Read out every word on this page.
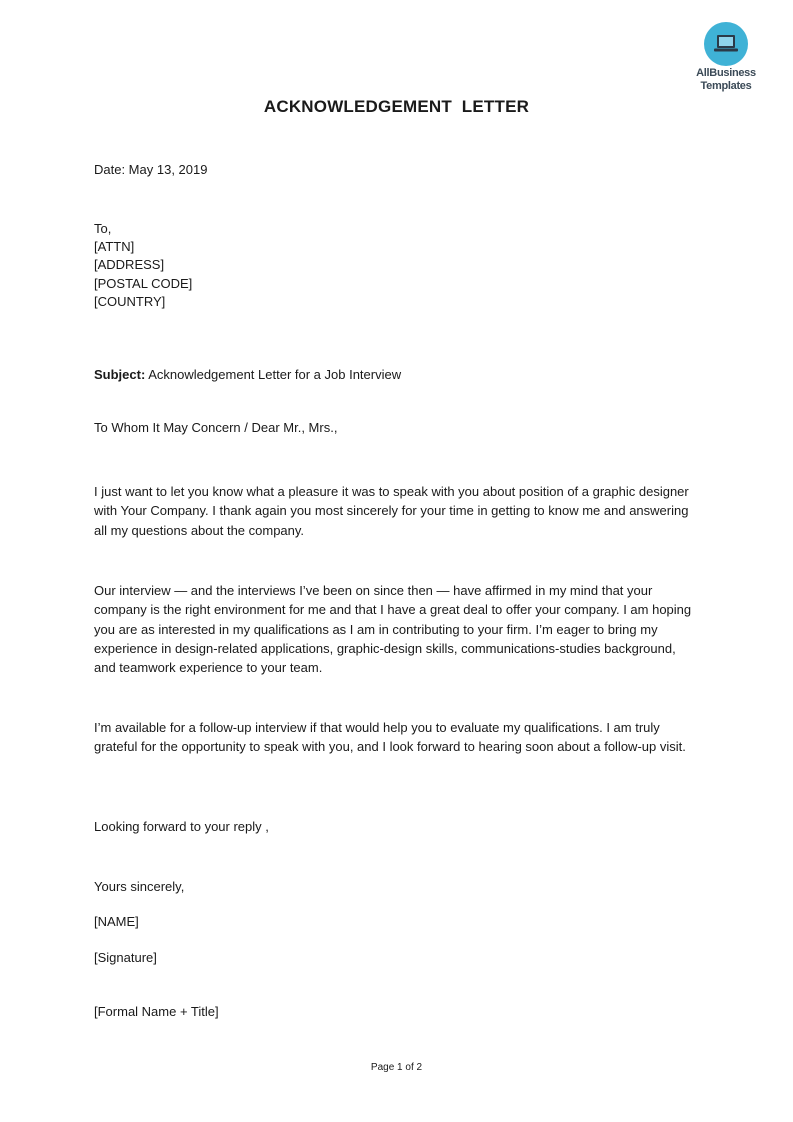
AllBusiness
Templates
ACKNOWLEDGEMENT  LETTER
Date: May 13, 2019
To,
[ATTN]
[ADDRESS]
[POSTAL CODE]
[COUNTRY]
Subject: Acknowledgement Letter for a Job Interview
To Whom It May Concern / Dear Mr., Mrs.,
I just want to let you know what a pleasure it was to speak with you about position of a graphic designer with Your Company. I thank again you most sincerely for your time in getting to know me and answering all my questions about the company.
Our interview — and the interviews I’ve been on since then — have affirmed in my mind that your company is the right environment for me and that I have a great deal to offer your company. I am hoping you are as interested in my qualifications as I am in contributing to your firm. I’m eager to bring my experience in design-related applications, graphic-design skills, communications-studies background, and teamwork experience to your team.
I’m available for a follow-up interview if that would help you to evaluate my qualifications. I am truly grateful for the opportunity to speak with you, and I look forward to hearing soon about a follow-up visit.
Looking forward to your reply ,
Yours sincerely,
[NAME]
[Signature]
[Formal Name + Title]
Page 1 of 2
